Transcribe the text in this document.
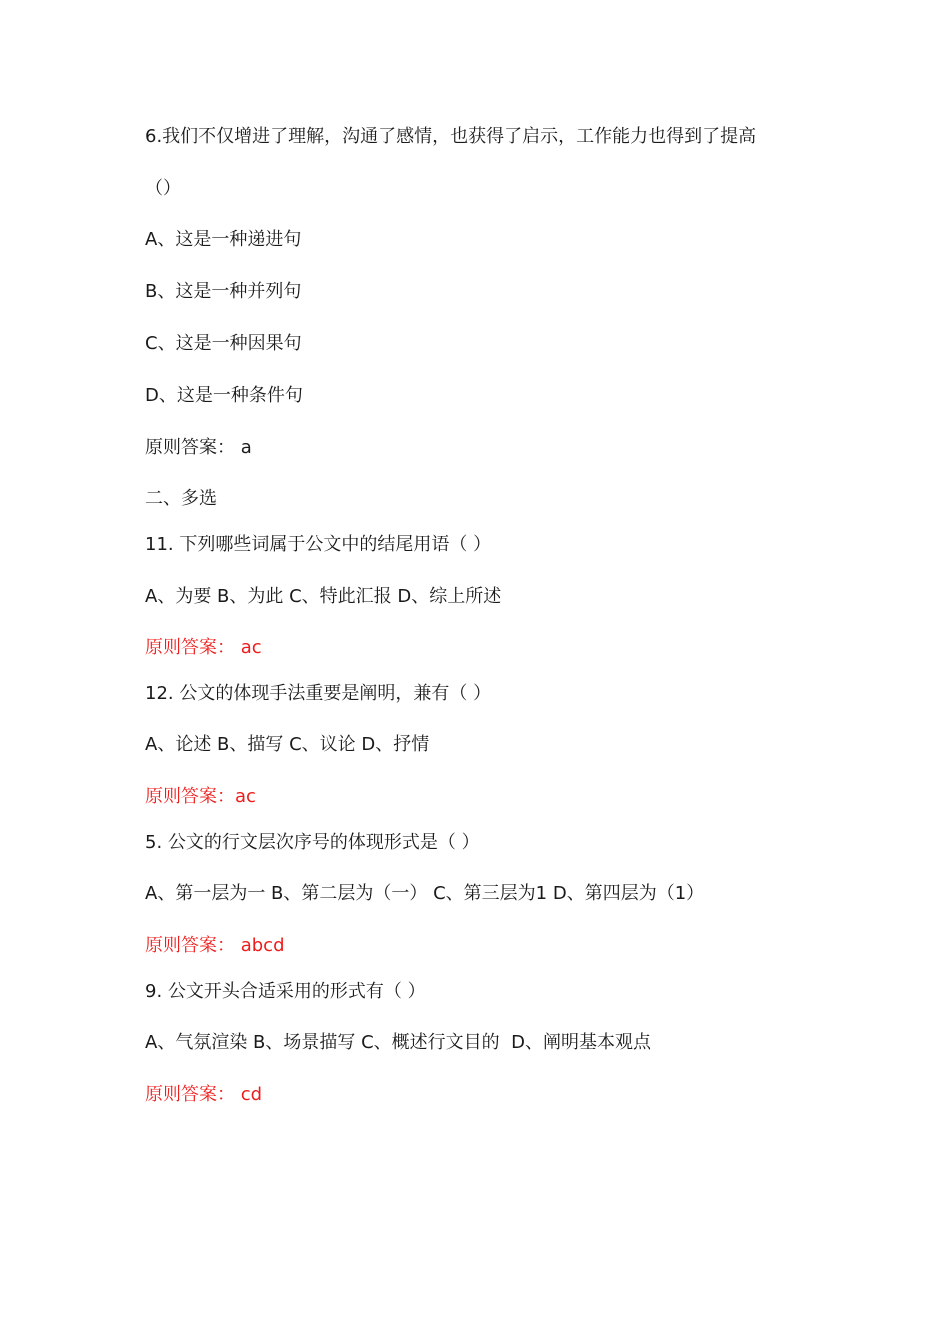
6.我们不仅增进了理解，沟通了感情，也获得了启示，工作能力也得到了提高
（）
A、这是一种递进句
B、这是一种并列句
C、这是一种因果句
D、这是一种条件句
原则答案： a
二、多选
11. 下列哪些词属于公文中的结尾用语（ ）
A、为要 B、为此 C、特此汇报 D、综上所述
原则答案： ac
12. 公文的体现手法重要是阐明，兼有（ ）
A、论述 B、描写 C、议论 D、抒情
原则答案：ac
5. 公文的行文层次序号的体现形式是（ ）
A、第一层为一 B、第二层为（一） C、第三层为1 D、第四层为（1）
原则答案： abcd
9. 公文开头合适采用的形式有（ ）
A、气氛渲染 B、场景描写 C、概述行文目的  D、阐明基本观点
原则答案： cd
